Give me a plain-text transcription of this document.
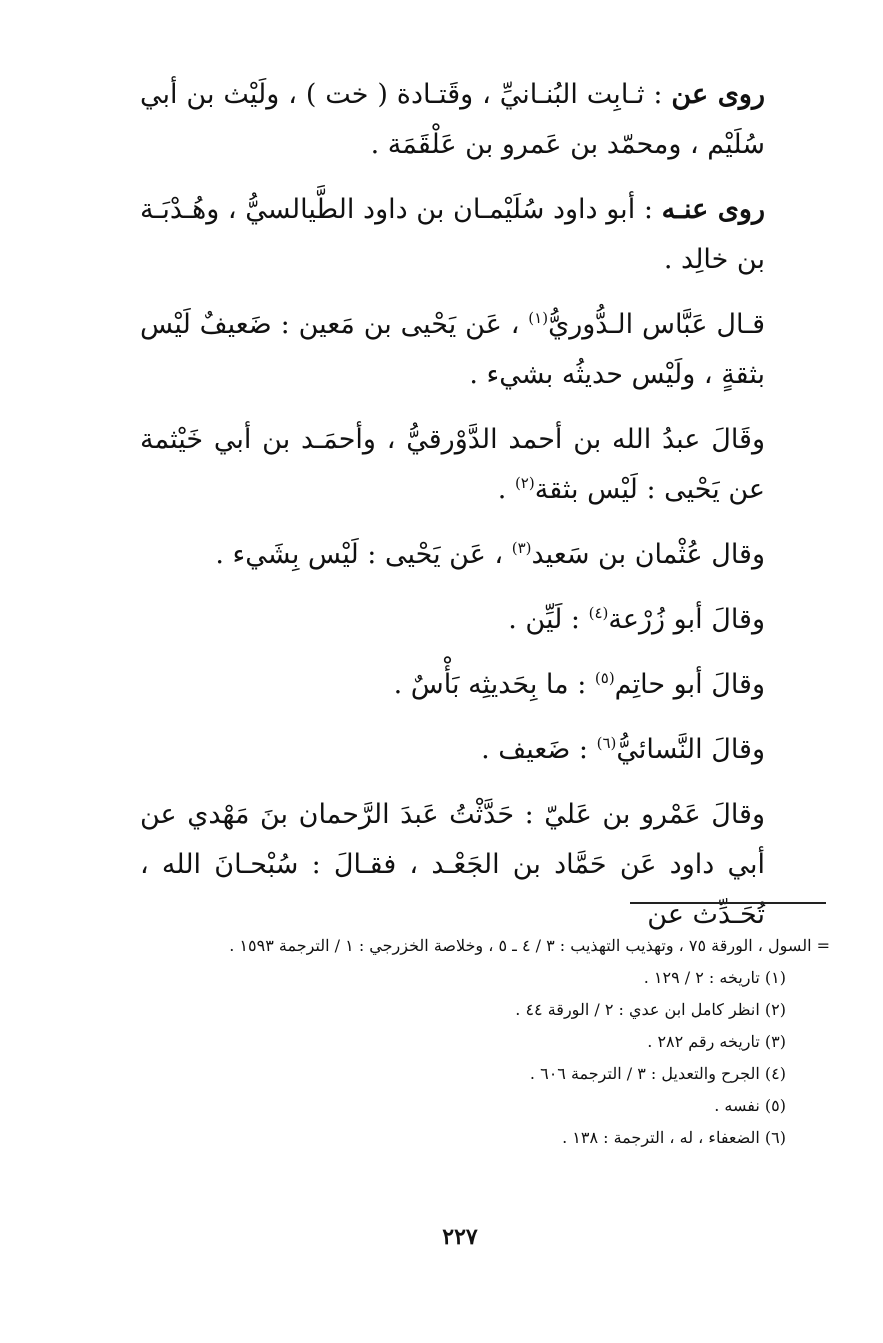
روى عن : ثـابِت البُنـانيِّ ، وقَتـادة ( خت ) ، ولَيْث بن أبي سُلَيْم ، ومحمّد بن عَمرو بن عَلْقَمَة .

روى عنـه : أبو داود سُلَيْمـان بن داود الطَّيالسيُّ ، وهُـدْبَـة بن خالِد .

قـال عَبَّاس الـدُّوريُّ$^{(١)}$ ، عَن يَحْيى بن مَعين : ضَعيفٌ لَيْس بثقةٍ ، ولَيْس حديثُه بشيء .

وقَالَ عبدُ الله بن أحمد الدَّوْرقيُّ ، وأحمَـد بن أبي خَيْثمة عن يَحْيى : لَيْس بثقة$^{(٢)}$ .

وقال عُثْمان بن سَعيد$^{(٣)}$ ، عَن يَحْيى : لَيْس بِشَيء .

وقالَ أبو زُرْعة$^{(٤)}$ : لَيِّن .

وقالَ أبو حاتِم$^{(٥)}$ : ما بِحَديثِه بَأْسٌ .

وقالَ النَّسائيُّ$^{(٦)}$ : ضَعيف .

وقالَ عَمْرو بن عَليّ : حَدَّثْتُ عَبدَ الرَّحمان بنَ مَهْدي عن أبي داود عَن حَمَّاد بن الجَعْـد ، فقـالَ : سُبْحـانَ الله ، تُحَـدِّث عن

= السول ، الورقة ٧٥ ، وتهذيب التهذيب : ٣ / ٤ ـ ٥ ، وخلاصة الخزرجي : ١ / الترجمة ١٥٩٣ .

(١) تاريخه : ٢ / ١٢٩ .
(٢) انظر كامل ابن عدي : ٢ / الورقة ٤٤ .
(٣) تاريخه رقم ٢٨٢ .
(٤) الجرح والتعديل : ٣ / الترجمة ٦٠٦ .
(٥) نفسه .
(٦) الضعفاء ، له ، الترجمة : ١٣٨ .
٢٢٧
